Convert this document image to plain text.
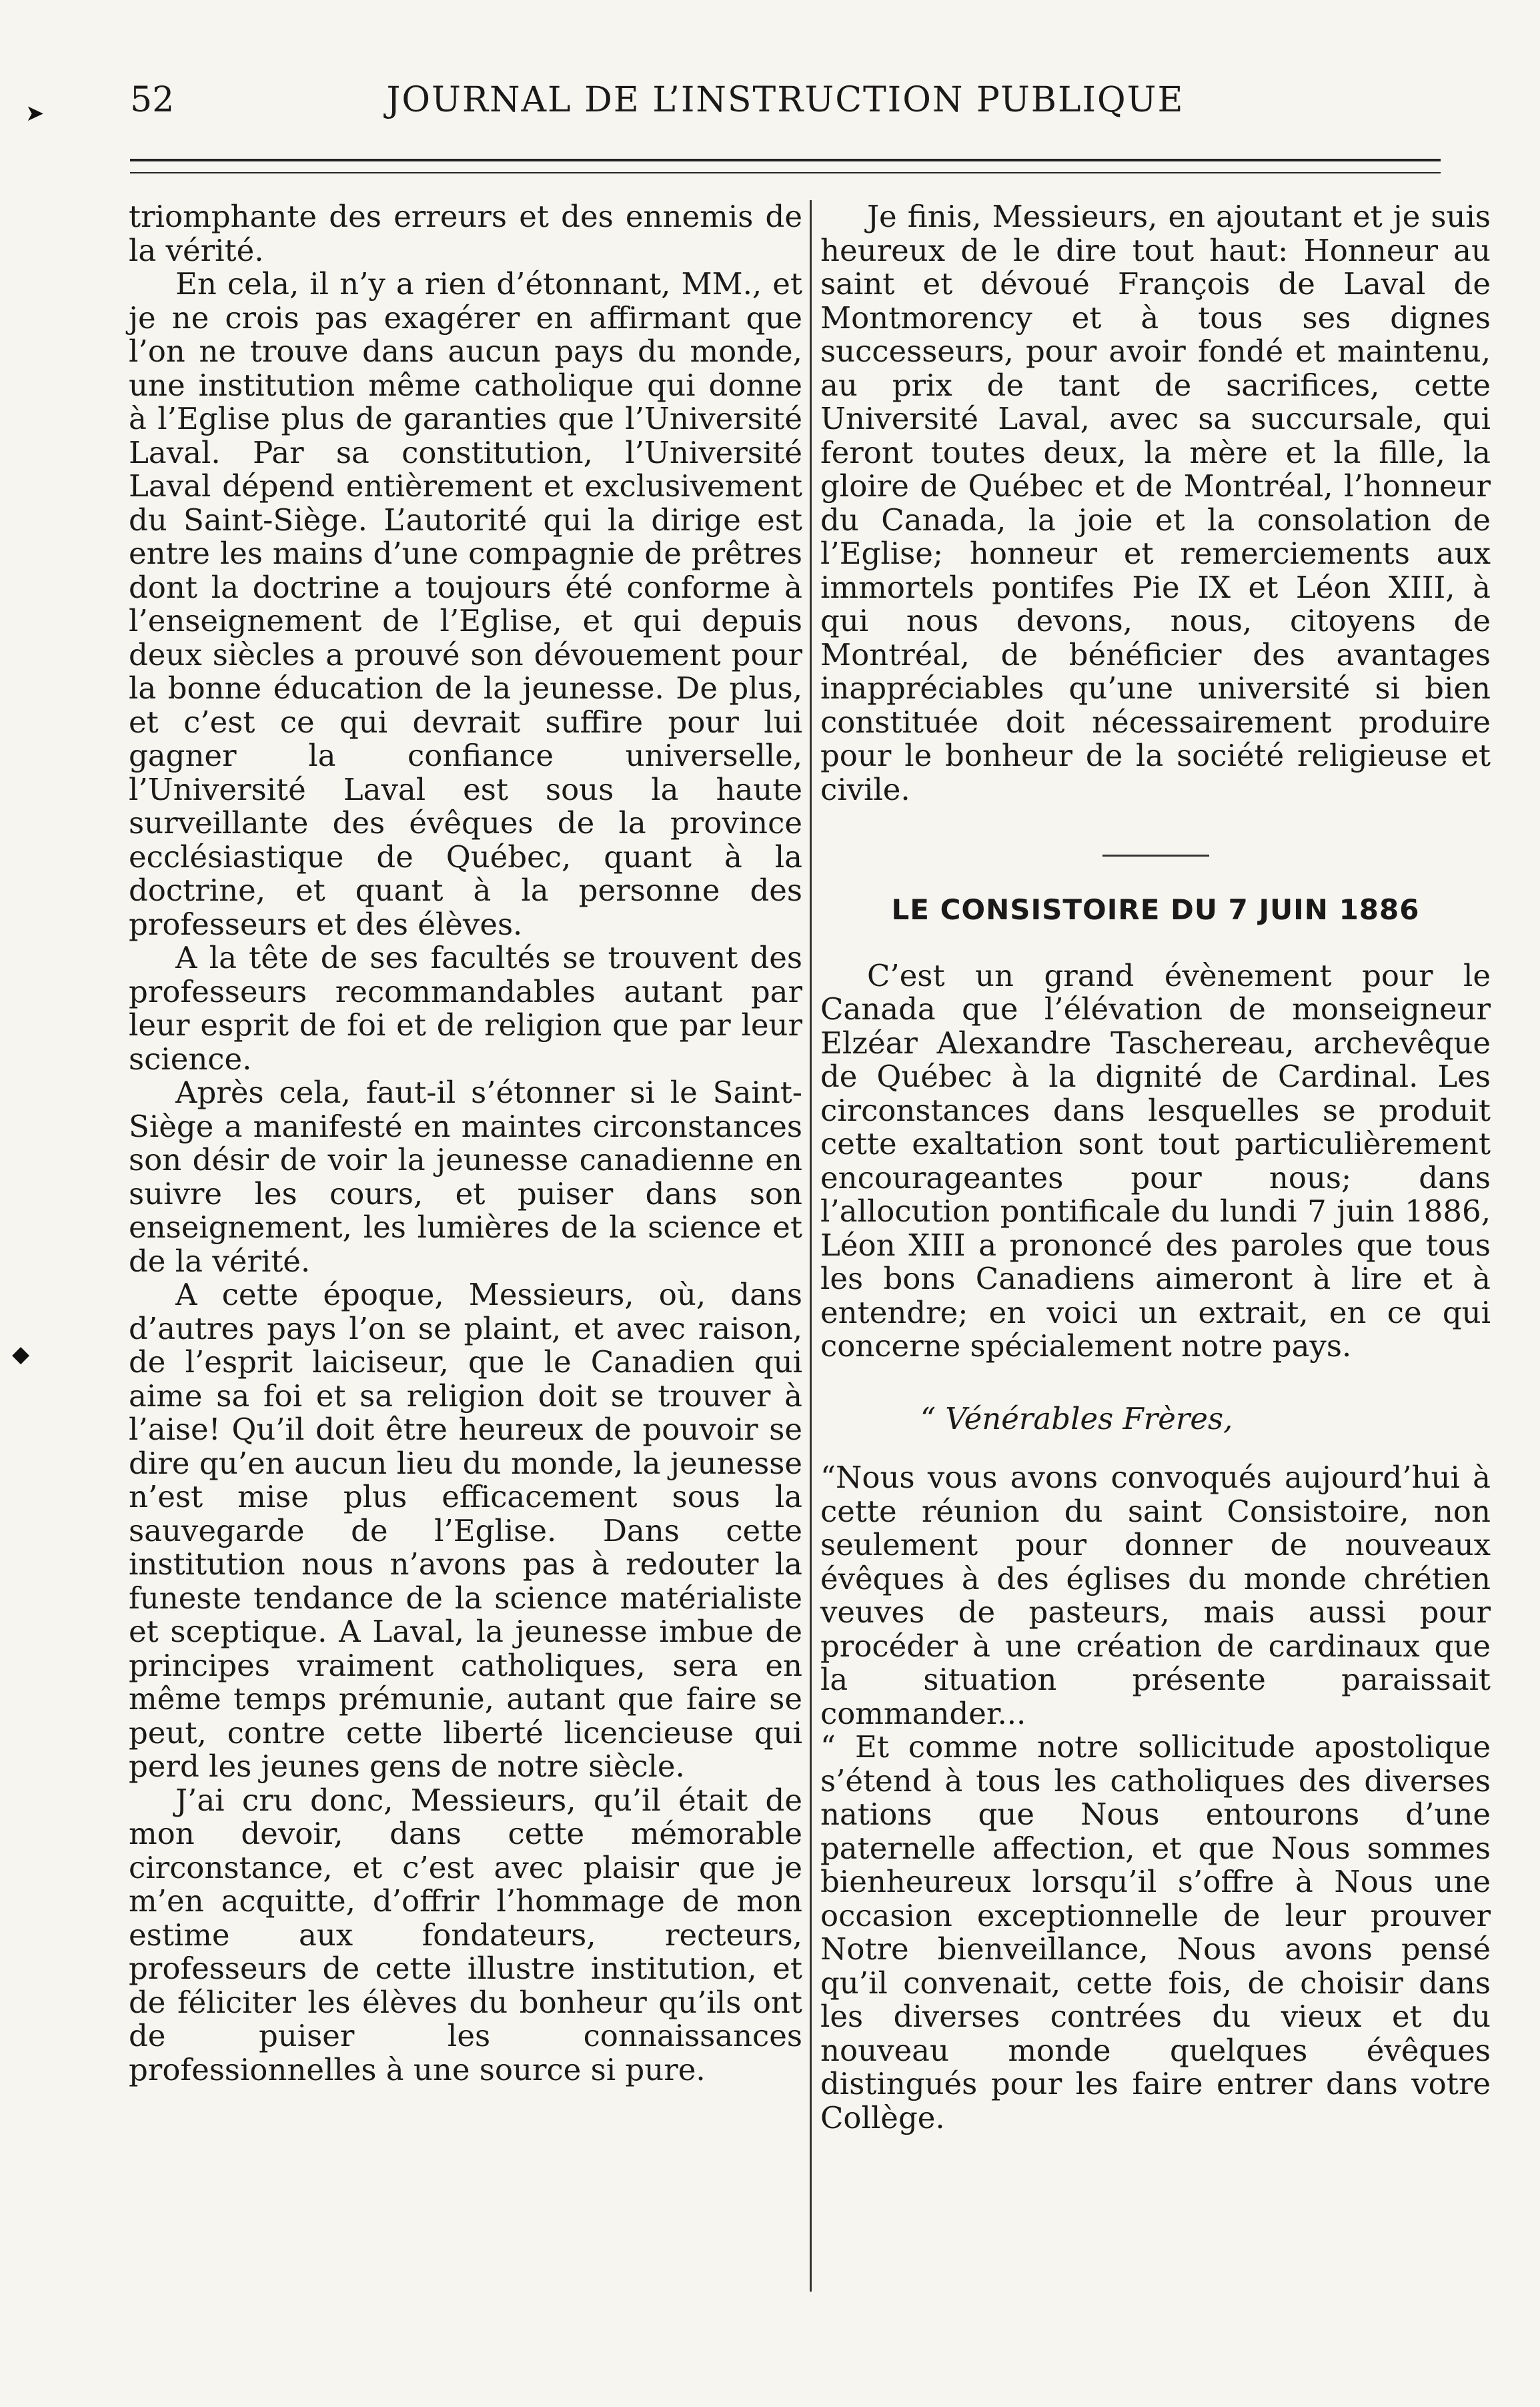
52	JOURNAL DE L’INSTRUCTION PUBLIQUE
➤
◆

triomphante des erreurs et des ennemis de la vérité.

En cela, il n’y a rien d’étonnant, MM., et je ne crois pas exagérer en affirmant que l’on ne trouve dans aucun pays du monde, une institution même catholique qui donne à l’Eglise plus de garanties que l’Université Laval. Par sa constitution, l’Université Laval dépend entièrement et exclusivement du Saint-Siège. L’autorité qui la dirige est entre les mains d’une compagnie de prêtres dont la doctrine a toujours été conforme à l’enseignement de l’Eglise, et qui depuis deux siècles a prouvé son dévouement pour la bonne éducation de la jeunesse. De plus, et c’est ce qui devrait suffire pour lui gagner la confiance universelle, l’Université Laval est sous la haute surveillante des évêques de la province ecclésiastique de Québec, quant à la doctrine, et quant à la personne des professeurs et des élèves.

A la tête de ses facultés se trouvent des professeurs recommandables autant par leur esprit de foi et de religion que par leur science.

Après cela, faut-il s’étonner si le Saint-Siège a manifesté en maintes circonstances son désir de voir la jeunesse canadienne en suivre les cours, et puiser dans son enseignement, les lumières de la science et de la vérité.

A cette époque, Messieurs, où, dans d’autres pays l’on se plaint, et avec raison, de l’esprit laiciseur, que le Canadien qui aime sa foi et sa religion doit se trouver à l’aise! Qu’il doit être heureux de pouvoir se dire qu’en aucun lieu du monde, la jeunesse n’est mise plus efficacement sous la sauvegarde de l’Eglise. Dans cette institution nous n’avons pas à redouter la funeste tendance de la science matérialiste et sceptique. A Laval, la jeunesse imbue de principes vraiment catholiques, sera en même temps prémunie, autant que faire se peut, contre cette liberté licencieuse qui perd les jeunes gens de notre siècle.

J’ai cru donc, Messieurs, qu’il était de mon devoir, dans cette mémorable circonstance, et c’est avec plaisir que je m’en acquitte, d’offrir l’hommage de mon estime aux fondateurs, recteurs, professeurs de cette illustre institution, et de féliciter les élèves du bonheur qu’ils ont de puiser les connaissances professionnelles à une source si pure.

Je finis, Messieurs, en ajoutant et je suis heureux de le dire tout haut: Honneur au saint et dévoué François de Laval de Montmorency et à tous ses dignes successeurs, pour avoir fondé et maintenu, au prix de tant de sacrifices, cette Université Laval, avec sa succursale, qui feront toutes deux, la mère et la fille, la gloire de Québec et de Montréal, l’honneur du Canada, la joie et la consolation de l’Eglise; honneur et remerciements aux immortels pontifes Pie IX et Léon XIII, à qui nous devons, nous, citoyens de Montréal, de bénéficier des avantages inappréciables qu’une université si bien constituée doit nécessairement produire pour le bonheur de la société religieuse et civile.

LE CONSISTOIRE DU 7 JUIN 1886

C’est un grand évènement pour le Canada que l’élévation de monseigneur Elzéar Alexandre Taschereau, archevêque de Québec à la dignité de Cardinal. Les circonstances dans lesquelles se produit cette exaltation sont tout particulièrement encourageantes pour nous; dans l’allocution pontificale du lundi 7 juin 1886, Léon XIII a prononcé des paroles que tous les bons Canadiens aimeront à lire et à entendre; en voici un extrait, en ce qui concerne spécialement notre pays.

“ Vénérables Frères,

“Nous vous avons convoqués aujourd’hui à cette réunion du saint Consistoire, non seulement pour donner de nouveaux évêques à des églises du monde chrétien veuves de pasteurs, mais aussi pour procéder à une création de cardinaux que la situation présente paraissait commander...

“ Et comme notre sollicitude apostolique s’étend à tous les catholiques des diverses nations que Nous entourons d’une paternelle affection, et que Nous sommes bienheureux lorsqu’il s’offre à Nous une occasion exceptionnelle de leur prouver Notre bienveillance, Nous avons pensé qu’il convenait, cette fois, de choisir dans les diverses contrées du vieux et du nouveau monde quelques évêques distingués pour les faire entrer dans votre Collège.
